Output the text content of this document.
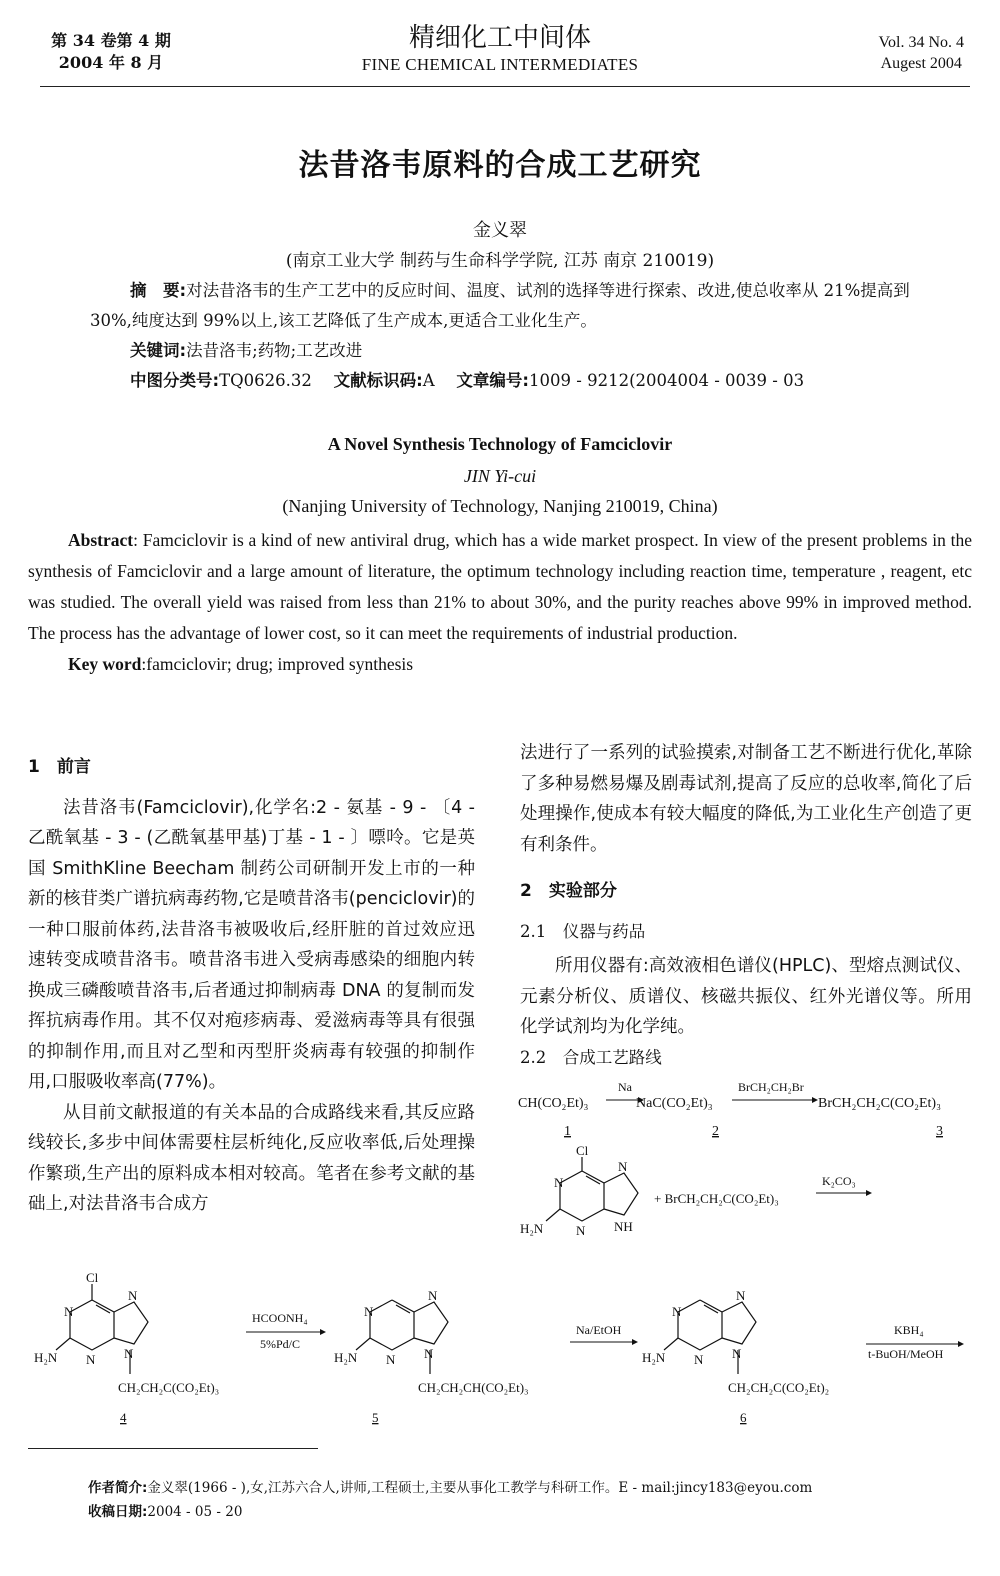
第 34 卷第 4 期
2004 年 8 月
精细化工中间体
FINE CHEMICAL INTERMEDIATES
Vol. 34 No. 4
Augest 2004
法昔洛韦原料的合成工艺研究
金义翠
(南京工业大学 制药与生命科学学院, 江苏 南京 210019)

摘　要:对法昔洛韦的生产工艺中的反应时间、温度、试剂的选择等进行探索、改进,使总收率从 21%提高到 30%,纯度达到 99%以上,该工艺降低了生产成本,更适合工业化生产。

关键词:法昔洛韦;药物;工艺改进

中图分类号:TQ0626.32　 文献标识码:A　 文章编号:1009 - 9212(2004004 - 0039 - 03

A Novel Synthesis Technology of Famciclovir
JIN Yi-cui
(Nanjing University of Technology, Nanjing 210019, China)

Abstract: Famciclovir is a kind of new antiviral drug, which has a wide market prospect. In view of the present problems in the synthesis of Famciclovir and a large amount of literature, the optimum technology including reaction time, temperature , reagent, etc was studied. The overall yield was raised from less than 21% to about 30%, and the purity reaches above 99% in improved method. The process has the advantage of lower cost, so it can meet the requirements of industrial production.

Key word:famciclovir; drug; improved synthesis

1　前言

法昔洛韦(Famciclovir),化学名:2 - 氨基 - 9 - 〔4 - 乙酰氧基 - 3 - (乙酰氧基甲基)丁基 - 1 - 〕嘌呤。它是英国 SmithKline Beecham 制药公司研制开发上市的一种新的核苷类广谱抗病毒药物,它是喷昔洛韦(penciclovir)的一种口服前体药,法昔洛韦被吸收后,经肝脏的首过效应迅速转变成喷昔洛韦。喷昔洛韦进入受病毒感染的细胞内转换成三磷酸喷昔洛韦,后者通过抑制病毒 DNA 的复制而发挥抗病毒作用。其不仅对疱疹病毒、爱滋病毒等具有很强的抑制作用,而且对乙型和丙型肝炎病毒有较强的抑制作用,口服吸收率高(77%)。

从目前文献报道的有关本品的合成路线来看,其反应路线较长,多步中间体需要柱层析纯化,反应收率低,后处理操作繁琐,生产出的原料成本相对较高。笔者在参考文献的基础上,对法昔洛韦合成方

法进行了一系列的试验摸索,对制备工艺不断进行优化,革除了多种易燃易爆及剧毒试剂,提高了反应的总收率,简化了后处理操作,使成本有较大幅度的降低,为工业化生产创造了更有利条件。

2　实验部分
2.1　仪器与药品

所用仪器有:高效液相色谱仪(HPLC)、型熔点测试仪、元素分析仪、质谱仪、核磁共振仪、红外光谱仪等。所用化学试剂均为化学纯。

2.2　合成工艺路线
CH(CO₂Et)₃
Na
NaC(CO₂Et)₃
BrCH₂CH₂Br
BrCH₂CH₂C(CO₂Et)₃
1	2	3
Cl
N
N
N
NH
H₂N
+ BrCH₂CH₂C(CO₂Et)₃
K₂CO₃
Cl
N
N
N
N
H₂N
CH₂CH₂C(CO₂Et)₃
4
HCOONH₄
5%Pd/C
N
N
N
N
H₂N
CH₂CH₂CH(CO₂Et)₃
5
Na/EtOH
N
N
N
N
H₂N
CH₂CH₂C(CO₂Et)₂
6
KBH₄
t-BuOH/MeOH

作者简介:金义翠(1966 - ),女,江苏六合人,讲师,工程硕士,主要从事化工教学与科研工作。E - mail:jincy183@eyou.com

收稿日期:2004 - 05 - 20
